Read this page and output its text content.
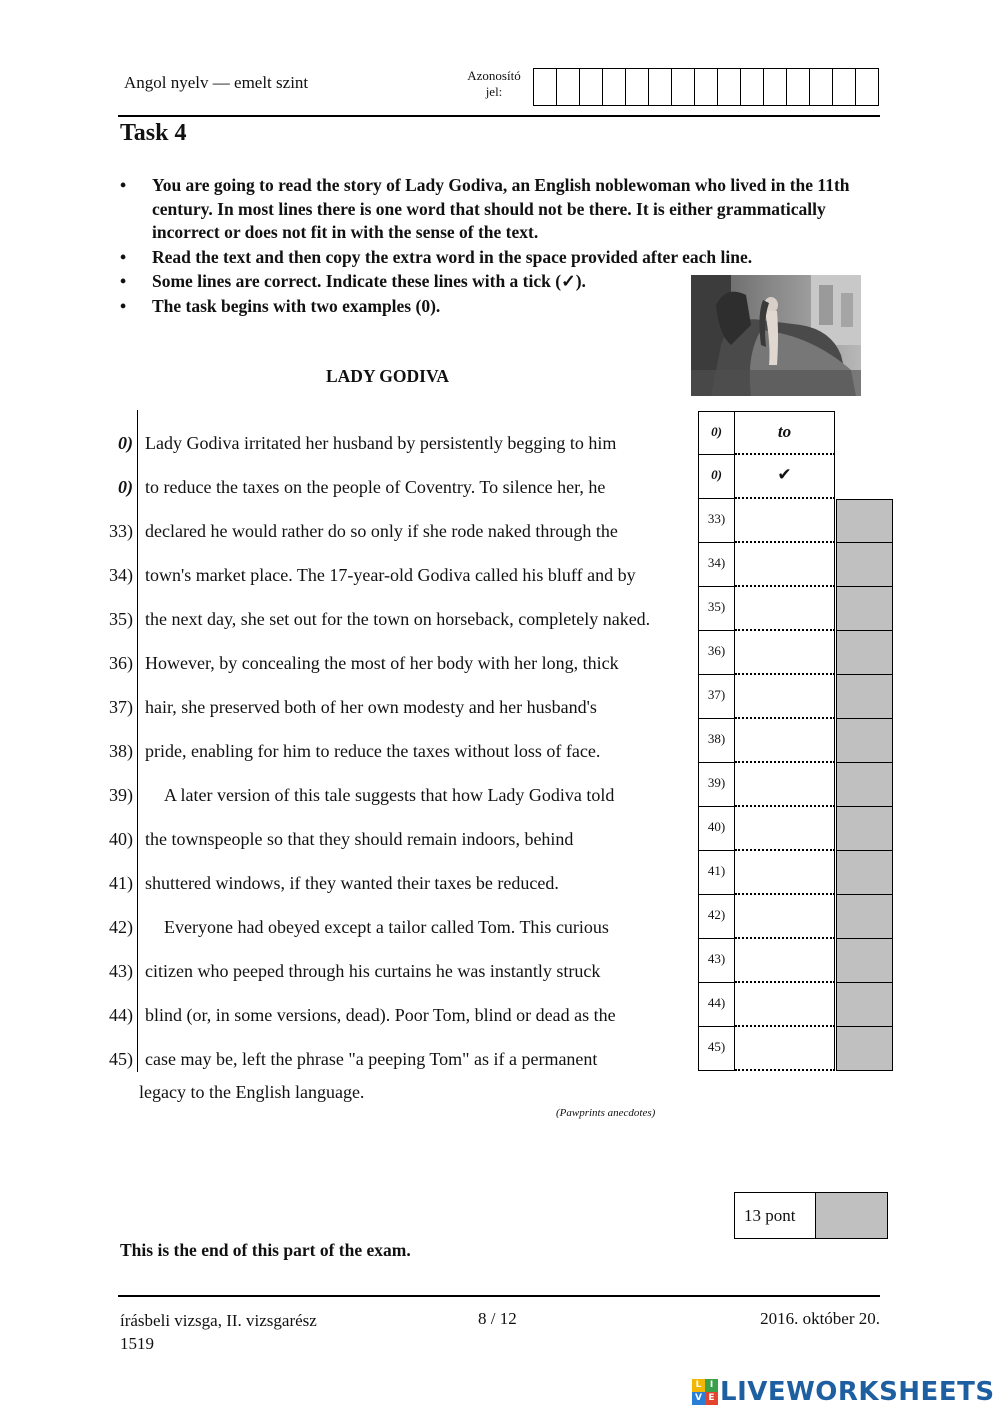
Angol nyelv — emelt szint	Azonosító
jel:
Task 4
• You are going to read the story of Lady Godiva, an English noblewoman who lived in the 11th century. In most lines there is one word that should not be there. It is either grammatically incorrect or does not fit in with the sense of the text.
• Read the text and then copy the extra word in the space provided after each line.
• Some lines are correct. Indicate these lines with a tick (✓).
• The task begins with two examples (0).
LADY GODIVA
0) Lady Godiva irritated her husband by persistently begging to him
0) to reduce the taxes on the people of Coventry. To silence her, he
33) declared he would rather do so only if she rode naked through the
34) town's market place. The 17-year-old Godiva called his bluff and by
35) the next day, she set out for the town on horseback, completely naked.
36) However, by concealing the most of her body with her long, thick
37) hair, she preserved both of her own modesty and her husband's
38) pride, enabling for him to reduce the taxes without loss of face.
39) A later version of this tale suggests that how Lady Godiva told
40) the townspeople so that they should remain indoors, behind
41) shuttered windows, if they wanted their taxes be reduced.
42) Everyone had obeyed except a tailor called Tom. This curious
43) citizen who peeped through his curtains he was instantly struck
44) blind (or, in some versions, dead). Poor Tom, blind or dead as the
45) case may be, left the phrase "a peeping Tom" as if a permanent
legacy to the English language.
(Pawprints anecdotes)
0)	to
0)	✔
33)
34)
35)
36)
37)
38)
39)
40)
41)
42)
43)
44)
45)
13 pont
This is the end of this part of the exam.
írásbeli vizsga, II. vizsgarész
1519
8 / 12	2016. október 20.
L I
V E LIVEWORKSHEETS
